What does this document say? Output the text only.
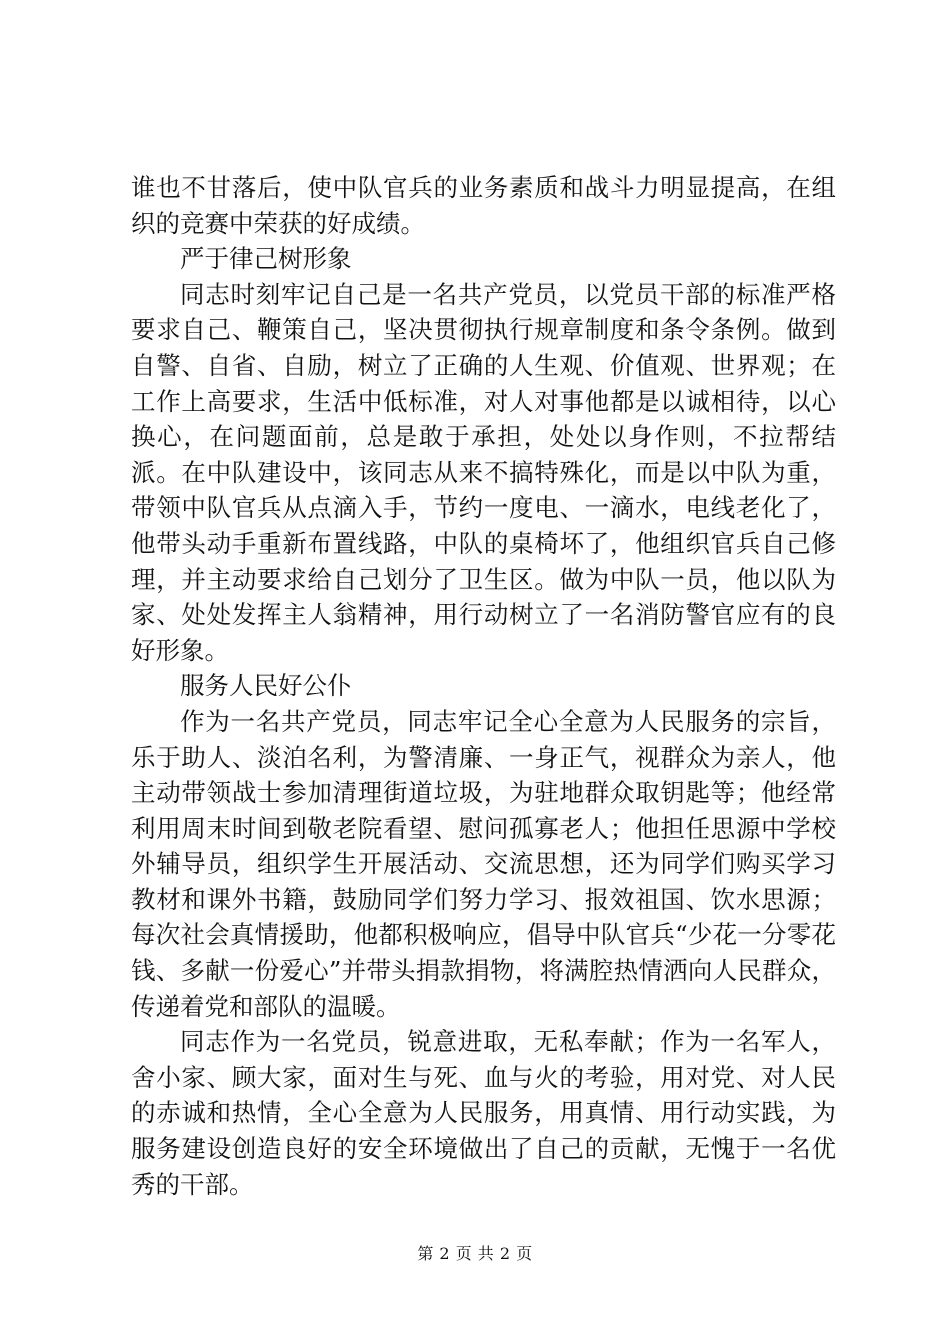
谁也不甘落后，使中队官兵的业务素质和战斗力明显提高，在组织的竞赛中荣获的好成绩。

严于律己树形象

同志时刻牢记自己是一名共产党员，以党员干部的标准严格要求自己、鞭策自己，坚决贯彻执行规章制度和条令条例。做到自警、自省、自励，树立了正确的人生观、价值观、世界观；在工作上高要求，生活中低标准，对人对事他都是以诚相待，以心换心，在问题面前，总是敢于承担，处处以身作则，不拉帮结派。在中队建设中，该同志从来不搞特殊化，而是以中队为重，带领中队官兵从点滴入手，节约一度电、一滴水，电线老化了，他带头动手重新布置线路，中队的桌椅坏了，他组织官兵自己修理，并主动要求给自己划分了卫生区。做为中队一员，他以队为家、处处发挥主人翁精神，用行动树立了一名消防警官应有的良好形象。

服务人民好公仆

作为一名共产党员，同志牢记全心全意为人民服务的宗旨，乐于助人、淡泊名利，为警清廉、一身正气，视群众为亲人，他主动带领战士参加清理街道垃圾，为驻地群众取钥匙等；他经常利用周末时间到敬老院看望、慰问孤寡老人；他担任思源中学校外辅导员，组织学生开展活动、交流思想，还为同学们购买学习教材和课外书籍，鼓励同学们努力学习、报效祖国、饮水思源；每次社会真情援助，他都积极响应，倡导中队官兵“少花一分零花钱、多献一份爱心”并带头捐款捐物，将满腔热情洒向人民群众，传递着党和部队的温暖。

同志作为一名党员，锐意进取，无私奉献；作为一名军人，舍小家、顾大家，面对生与死、血与火的考验，用对党、对人民的赤诚和热情，全心全意为人民服务，用真情、用行动实践，为服务建设创造良好的安全环境做出了自己的贡献，无愧于一名优秀的干部。

第 2 页 共 2 页
